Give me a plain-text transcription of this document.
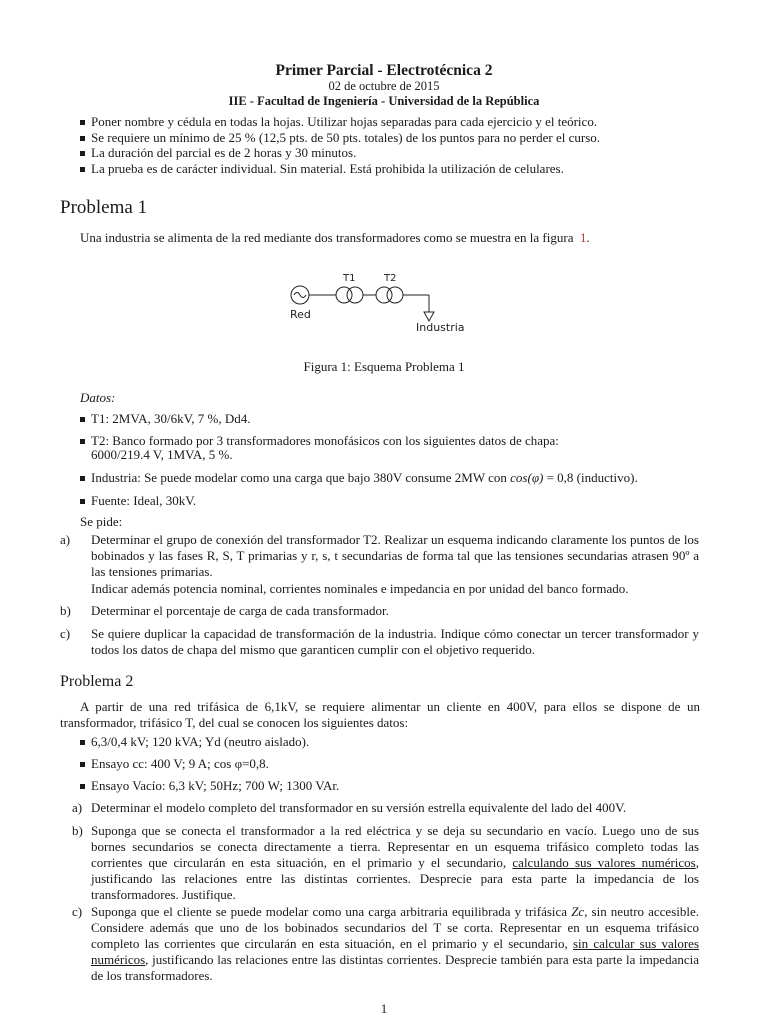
Primer Parcial - Electrotécnica 2
02 de octubre de 2015
IIE - Facultad de Ingeniería - Universidad de la República
Poner nombre y cédula en todas la hojas. Utilizar hojas separadas para cada ejercicio y el teórico.
Se requiere un mínimo de 25 % (12,5 pts. de 50 pts. totales) de los puntos para no perder el curso.
La duración del parcial es de 2 horas y 30 minutos.
La prueba es de carácter individual. Sin material. Está prohibida la utilización de celulares.
Problema 1
Una industria se alimenta de la red mediante dos transformadores como se muestra en la figura 1.
T1	T2
Red
Industria
Figura 1: Esquema Problema 1
Datos:
T1: 2MVA, 30/6kV, 7 %, Dd4.
T2: Banco formado por 3 transformadores monofásicos con los siguientes datos de chapa:
6000/219.4 V, 1MVA, 5 %.
Industria: Se puede modelar como una carga que bajo 380V consume 2MW con cos(φ) = 0,8 (inductivo).
Fuente: Ideal, 30kV.
Se pide:
a) Determinar el grupo de conexión del transformador T2. Realizar un esquema indicando claramente los puntos de los bobinados y las fases R, S, T primarias y r, s, t secundarias de forma tal que las tensiones secundarias atrasen 90º a las tensiones primarias.
Indicar además potencia nominal, corrientes nominales e impedancia en por unidad del banco formado.
b) Determinar el porcentaje de carga de cada transformador.
c) Se quiere duplicar la capacidad de transformación de la industria. Indique cómo conectar un tercer transformador y todos los datos de chapa del mismo que garanticen cumplir con el objetivo requerido.
Problema 2
A partir de una red trifásica de 6,1kV, se requiere alimentar un cliente en 400V, para ellos se dispone de un transformador, trifásico T, del cual se conocen los siguientes datos:
6,3/0,4 kV; 120 kVA; Yd (neutro aislado).
Ensayo cc: 400 V; 9 A; cos φ=0,8.
Ensayo Vacío: 6,3 kV; 50Hz; 700 W; 1300 VAr.
a) Determinar el modelo completo del transformador en su versión estrella equivalente del lado del 400V.
b) Suponga que se conecta el transformador a la red eléctrica y se deja su secundario en vacío. Luego uno de sus bornes secundarios se conecta directamente a tierra. Representar en un esquema trifásico completo todas las corrientes que circularán en esta situación, en el primario y el secundario, calculando sus valores numéricos, justificando las relaciones entre las distintas corrientes. Desprecie para esta parte la impedancia de los transformadores. Justifique.
c) Suponga que el cliente se puede modelar como una carga arbitraria equilibrada y trifásica Zc, sin neutro accesible. Considere además que uno de los bobinados secundarios del T se corta. Representar en un esquema trifásico completo las corrientes que circularán en esta situación, en el primario y el secundario, sin calcular sus valores numéricos, justificando las relaciones entre las distintas corrientes. Desprecie también para esta parte la impedancia de los transformadores.
1
